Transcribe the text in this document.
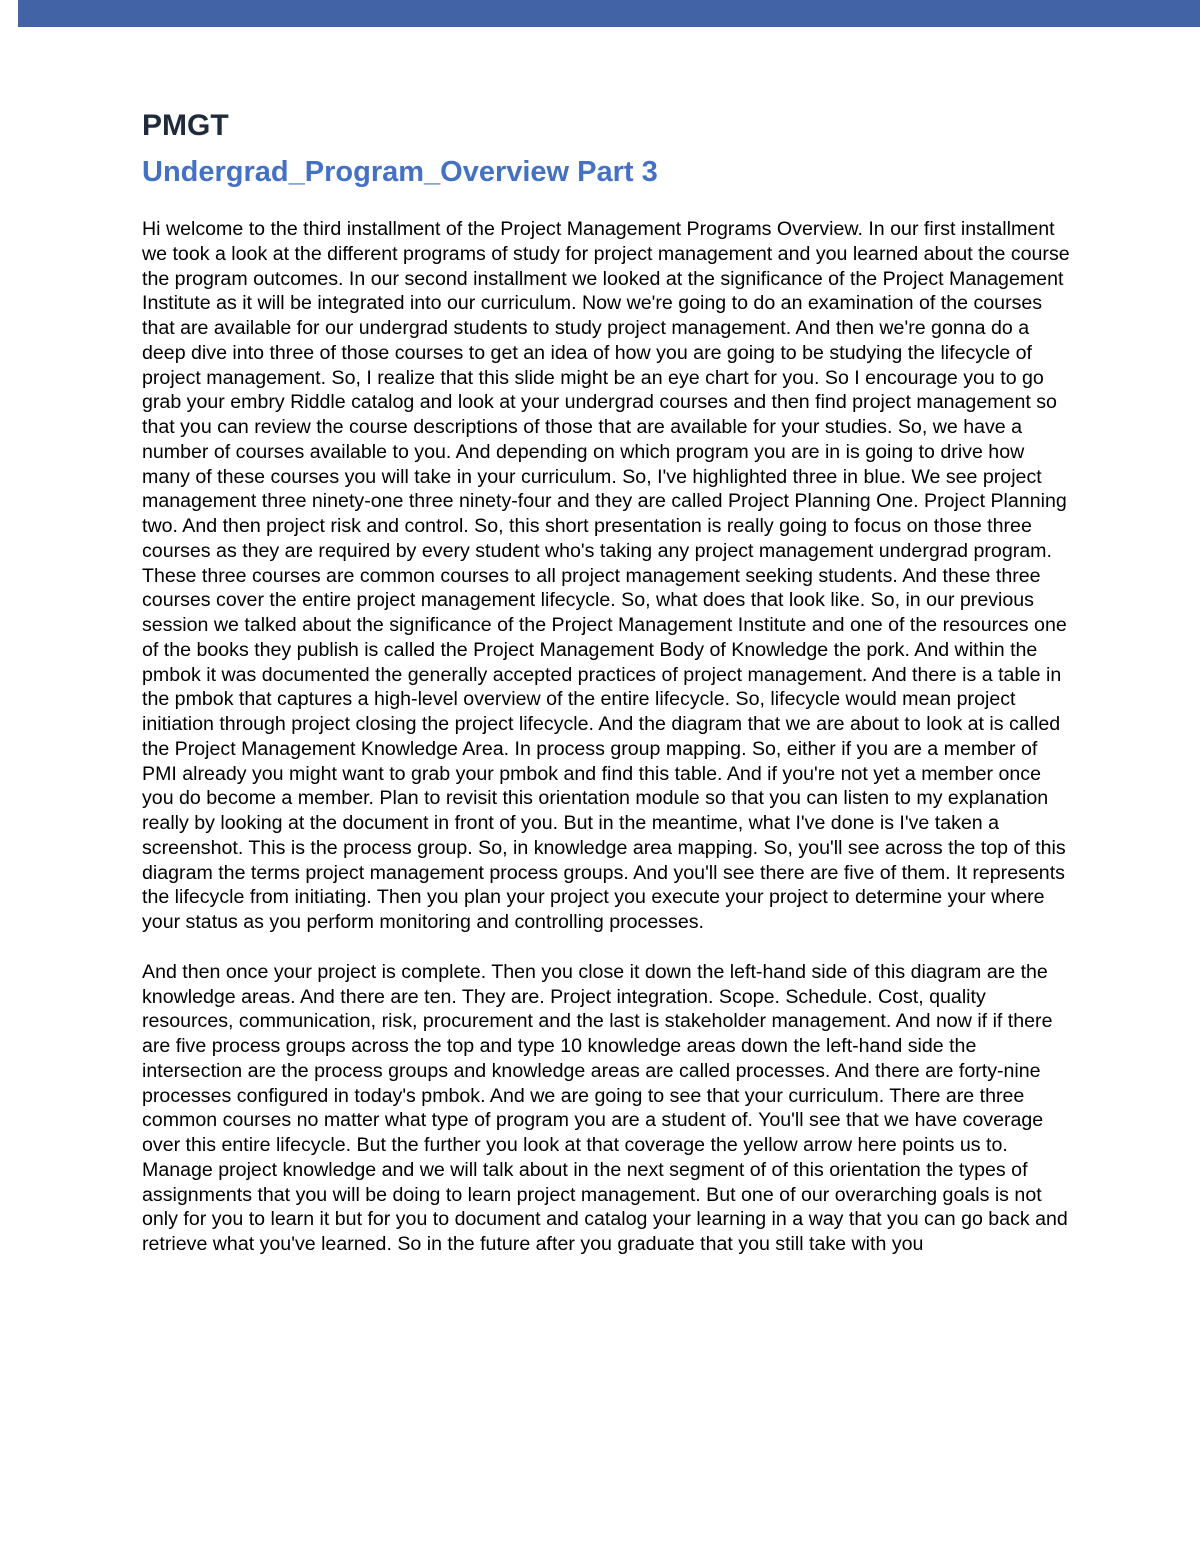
PMGT
Undergrad_Program_Overview Part 3

Hi welcome to the third installment of the Project Management Programs Overview. In our first installment we took a look at the different programs of study for project management and you learned about the course the program outcomes. In our second installment we looked at the significance of the Project Management Institute as it will be integrated into our curriculum. Now we're going to do an examination of the courses that are available for our undergrad students to study project management. And then we're gonna do a deep dive into three of those courses to get an idea of how you are going to be studying the lifecycle of project management. So, I realize that this slide might be an eye chart for you. So I encourage you to go grab your embry Riddle catalog and look at your undergrad courses and then find project management so that you can review the course descriptions of those that are available for your studies. So, we have a number of courses available to you. And depending on which program you are in is going to drive how many of these courses you will take in your curriculum. So, I've highlighted three in blue. We see project management three ninety-one three ninety-four and they are called Project Planning One. Project Planning two. And then project risk and control. So, this short presentation is really going to focus on those three courses as they are required by every student who's taking any project management undergrad program. These three courses are common courses to all project management seeking students. And these three courses cover the entire project management lifecycle. So, what does that look like. So, in our previous session we talked about the significance of the Project Management Institute and one of the resources one of the books they publish is called the Project Management Body of Knowledge the pork. And within the pmbok it was documented the generally accepted practices of project management. And there is a table in the pmbok that captures a high-level overview of the entire lifecycle. So, lifecycle would mean project initiation through project closing the project lifecycle. And the diagram that we are about to look at is called the Project Management Knowledge Area. In process group mapping. So, either if you are a member of PMI already you might want to grab your pmbok and find this table. And if you're not yet a member once you do become a member. Plan to revisit this orientation module so that you can listen to my explanation really by looking at the document in front of you. But in the meantime, what I've done is I've taken a screenshot. This is the process group. So, in knowledge area mapping. So, you'll see across the top of this diagram the terms project management process groups. And you'll see there are five of them. It represents the lifecycle from initiating. Then you plan your project you execute your project to determine your where your status as you perform monitoring and controlling processes.

And then once your project is complete. Then you close it down the left-hand side of this diagram are the knowledge areas. And there are ten. They are. Project integration. Scope. Schedule. Cost, quality resources, communication, risk, procurement and the last is stakeholder management. And now if if there are five process groups across the top and type 10 knowledge areas down the left-hand side the intersection are the process groups and knowledge areas are called processes. And there are forty-nine processes configured in today's pmbok. And we are going to see that your curriculum. There are three common courses no matter what type of program you are a student of. You'll see that we have coverage over this entire lifecycle. But the further you look at that coverage the yellow arrow here points us to. Manage project knowledge and we will talk about in the next segment of of this orientation the types of assignments that you will be doing to learn project management. But one of our overarching goals is not only for you to learn it but for you to document and catalog your learning in a way that you can go back and retrieve what you've learned. So in the future after you graduate that you still take with you
